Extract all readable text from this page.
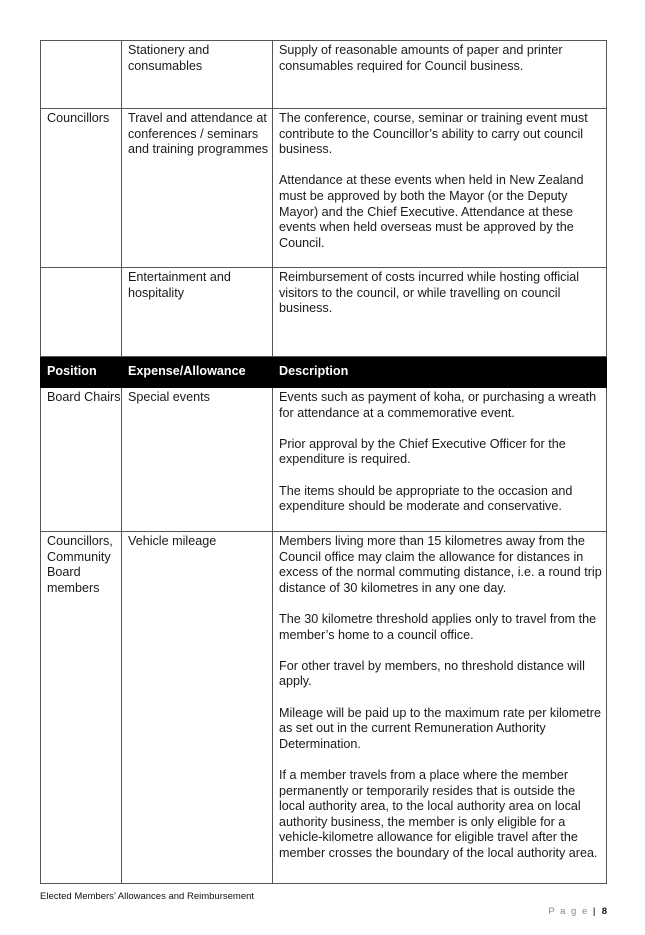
	Stationery and consumables	Supply of reasonable amounts of paper and printer consumables required for Council business.

Councillors	Travel and attendance at conferences / seminars and training programmes	The conference, course, seminar or training event must contribute to the Councillor’s ability to carry out council business.

Attendance at these events when held in New Zealand must be approved by both the Mayor (or the Deputy Mayor) and the Chief Executive. Attendance at these events when held overseas must be approved by the Council.

	Entertainment and hospitality	Reimbursement of costs incurred while hosting official visitors to the council, or while travelling on council business.

Position	Expense/Allowance	Description
Board Chairs	Special events	Events such as payment of koha, or purchasing a wreath for attendance at a commemorative event.

Prior approval by the Chief Executive Officer for the expenditure is required.

The items should be appropriate to the occasion and expenditure should be moderate and conservative.

Councillors, Community Board members	Vehicle mileage	Members living more than 15 kilometres away from the Council office may claim the allowance for distances in excess of the normal commuting distance, i.e. a round trip distance of 30 kilometres in any one day.

The 30 kilometre threshold applies only to travel from the member’s home to a council office.

For other travel by members, no threshold distance will apply.

Mileage will be paid up to the maximum rate per kilometre as set out in the current Remuneration Authority Determination.

If a member travels from a place where the member permanently or temporarily resides that is outside the local authority area, to the local authority area on local authority business, the member is only eligible for a vehicle-kilometre allowance for eligible travel after the member crosses the boundary of the local authority area.

Elected Members’ Allowances and Reimbursement
P a g e | 8
